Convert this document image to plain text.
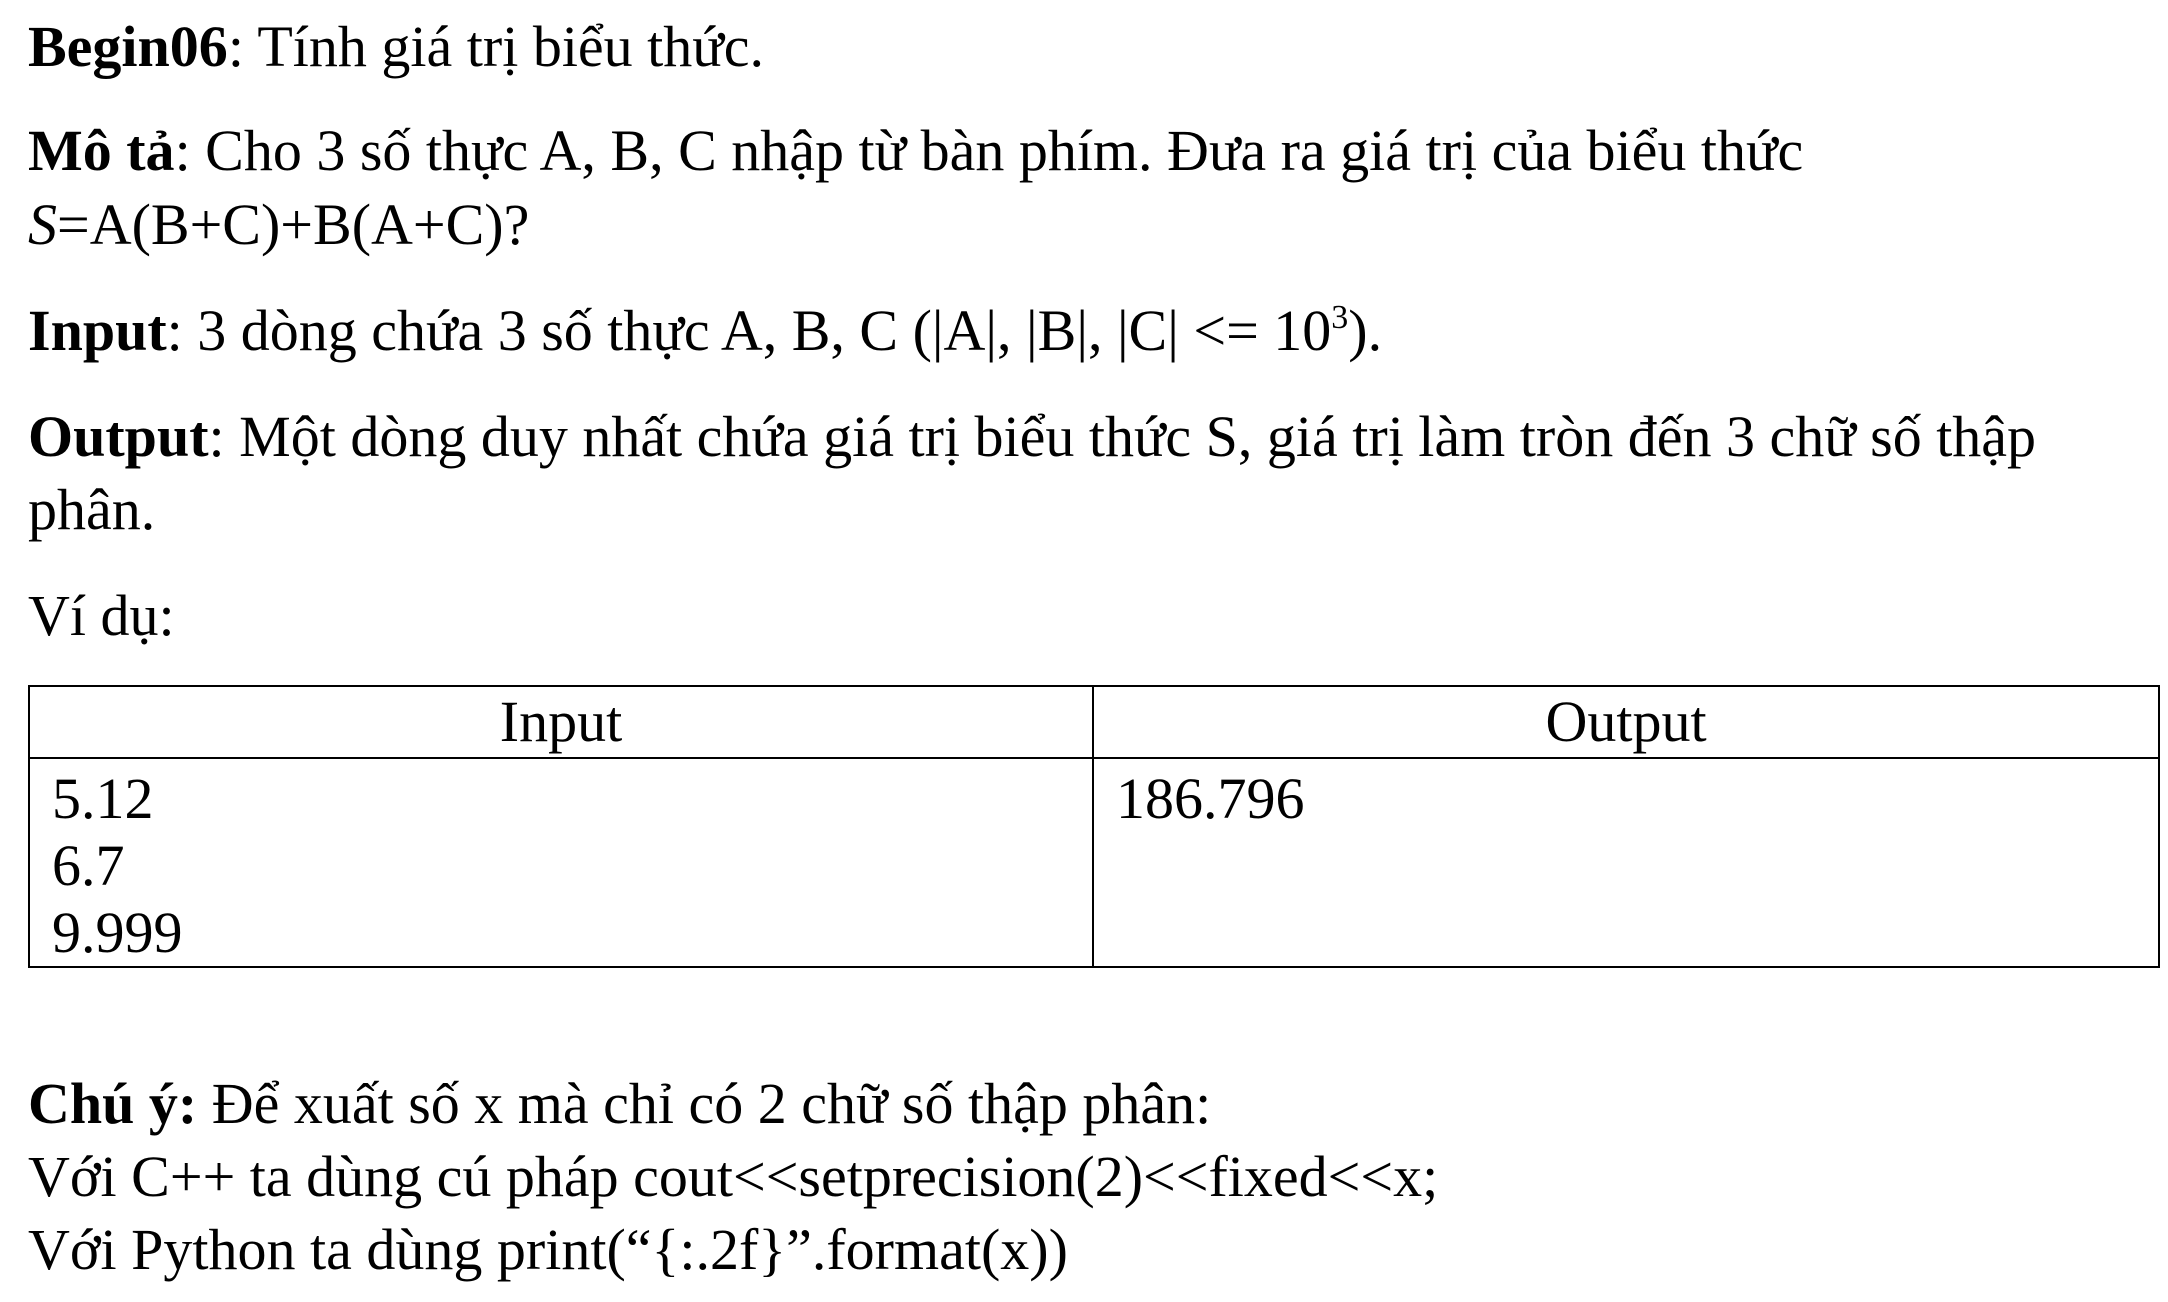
Begin06: Tính giá trị biểu thức.
Mô tả: Cho 3 số thực A, B, C nhập từ bàn phím. Đưa ra giá trị của biểu thức
S=A(B+C)+B(A+C)?
Input: 3 dòng chứa 3 số thực A, B, C (|A|, |B|, $|C| <= 10^3$).
Output: Một dòng duy nhất chứa giá trị biểu thức S, giá trị làm tròn đến 3 chữ số thập
phân.
Ví dụ:
Input	Output

5.12
6.7
9.999	186.796
Chú ý: Để xuất số x mà chỉ có 2 chữ số thập phân:
Với C++ ta dùng cú pháp cout<<setprecision(2)<<fixed<<x;
Với Python ta dùng print(“{:.2f}”.format(x))
